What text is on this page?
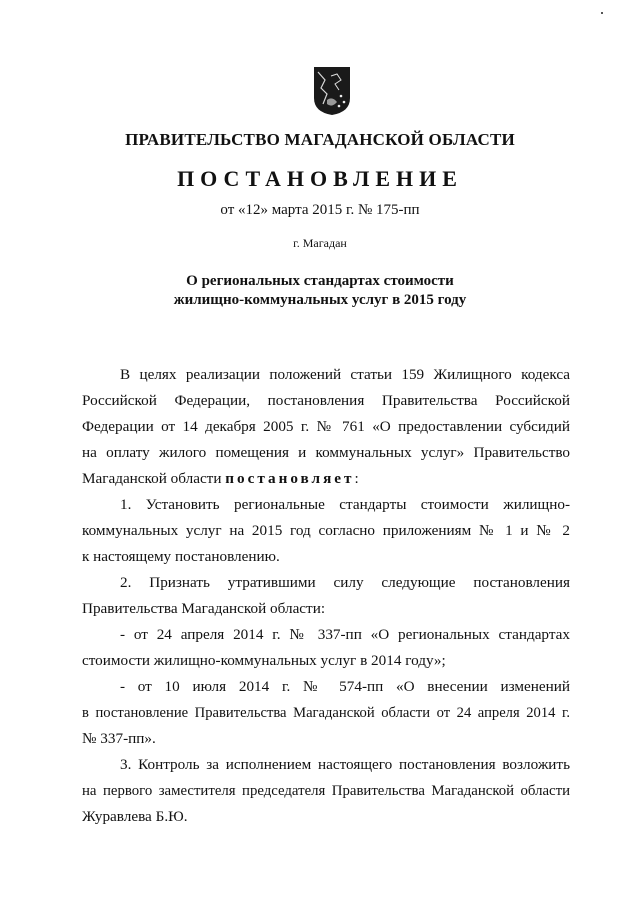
ПРАВИТЕЛЬСТВО МАГАДАНСКОЙ ОБЛАСТИ
ПОСТАНОВЛЕНИЕ
от «12» марта 2015 г. № 175-пп
г. Магадан
О региональных стандартах стоимости
жилищно-коммунальных услуг в 2015 году
В целях реализации положений статьи 159 Жилищного кодекса
Российской Федерации, постановления Правительства Российской
Федерации от 14 декабря 2005 г. № 761 «О предоставлении субсидий
на оплату жилого помещения и коммунальных услуг» Правительство
Магаданской области постановляет:
1. Установить региональные стандарты стоимости жилищно-
коммунальных услуг на 2015 год согласно приложениям № 1 и № 2
к настоящему постановлению.
2. Признать утратившими силу следующие постановления
Правительства Магаданской области:
- от 24 апреля 2014 г. № 337-пп «О региональных стандартах
стоимости жилищно-коммунальных услуг в 2014 году»;
- от 10 июля 2014 г. № 574-пп «О внесении изменений
в постановление Правительства Магаданской области от 24 апреля 2014 г.
№ 337-пп».
3. Контроль за исполнением настоящего постановления возложить
на первого заместителя председателя Правительства Магаданской области
Журавлева Б.Ю.
